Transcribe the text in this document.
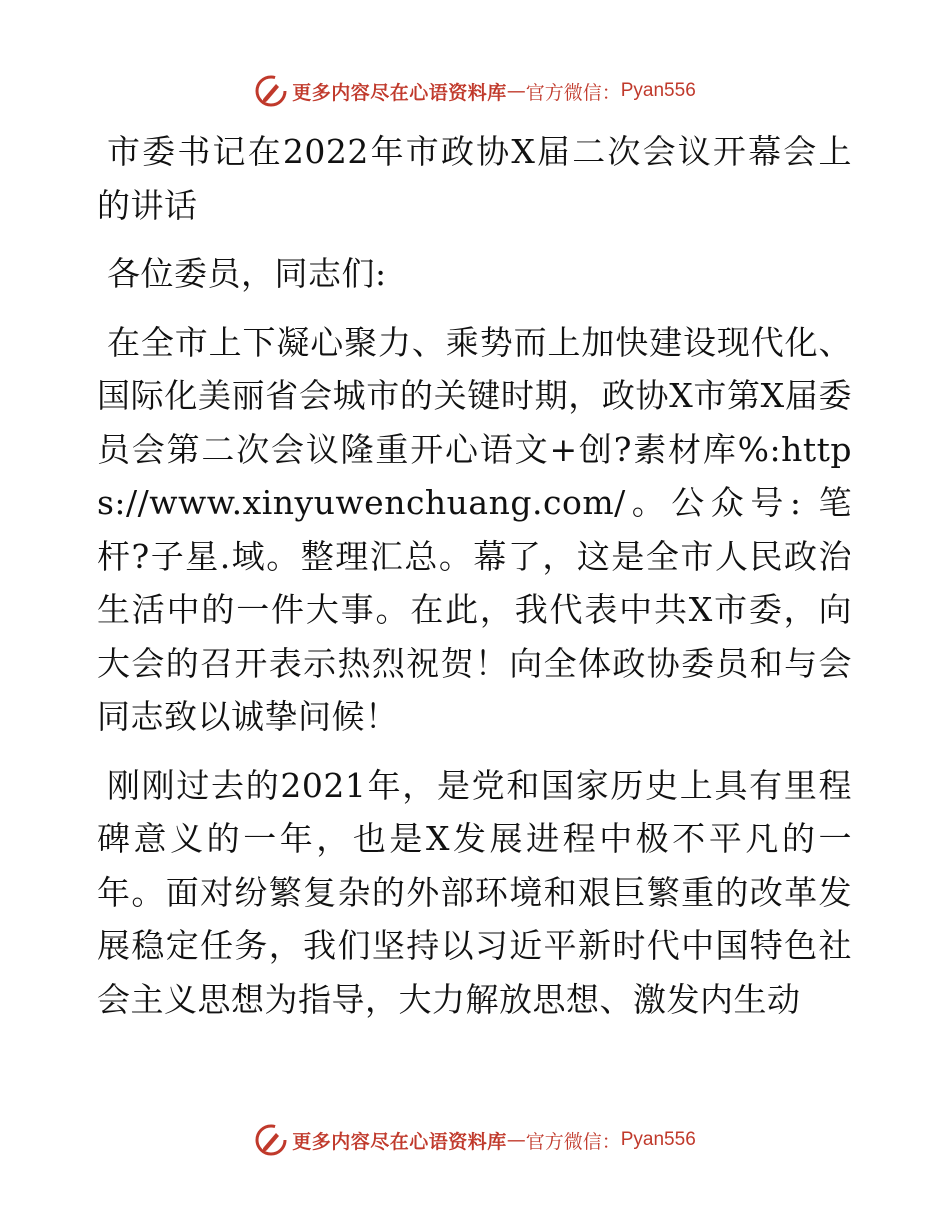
更多内容尽在心语资料库 — 官方微信： Pyan556

市委书记在2022年市政协X届二次会议开幕会上的讲话

各位委员，同志们:

在全市上下凝心聚力、乘势而上加快建设现代化、国际化美丽省会城市的关键时期，政协X市第X届委员会第二次会议隆重开心语文+创?素材库%:https://www.xinyuwenchuang.com/。公众号: 笔杆?子星.域。整理汇总。幕了，这是全市人民政治生活中的一件大事。在此，我代表中共X市委，向大会的召开表示热烈祝贺！向全体政协委员和与会同志致以诚挚问候！

刚刚过去的2021年，是党和国家历史上具有里程碑意义的一年，也是X发展进程中极不平凡的一年。面对纷繁复杂的外部环境和艰巨繁重的改革发展稳定任务，我们坚持以习近平新时代中国特色社会主义思想为指导，大力解放思想、激发内生动

更多内容尽在心语资料库 — 官方微信： Pyan556
